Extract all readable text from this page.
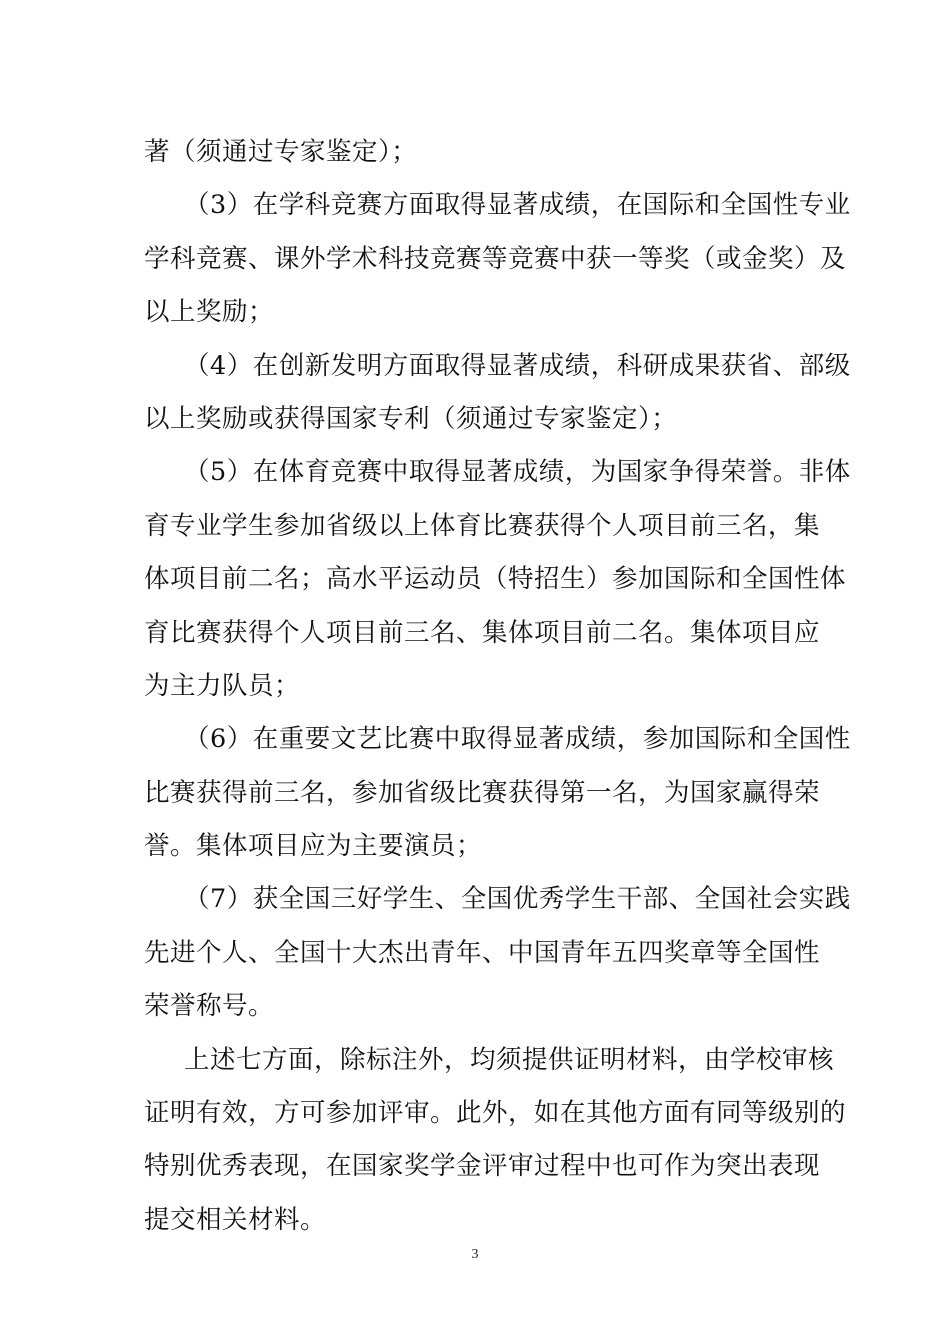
著（须通过专家鉴定）；
（3）在学科竞赛方面取得显著成绩，在国际和全国性专业
学科竞赛、课外学术科技竞赛等竞赛中获一等奖（或金奖）及
以上奖励；
（4）在创新发明方面取得显著成绩，科研成果获省、部级
以上奖励或获得国家专利（须通过专家鉴定）；
（5）在体育竞赛中取得显著成绩，为国家争得荣誉。非体
育专业学生参加省级以上体育比赛获得个人项目前三名，集
体项目前二名；高水平运动员（特招生）参加国际和全国性体
育比赛获得个人项目前三名、集体项目前二名。集体项目应
为主力队员；
（6）在重要文艺比赛中取得显著成绩，参加国际和全国性
比赛获得前三名，参加省级比赛获得第一名，为国家赢得荣
誉。集体项目应为主要演员；
（7）获全国三好学生、全国优秀学生干部、全国社会实践
先进个人、全国十大杰出青年、中国青年五四奖章等全国性
荣誉称号。
上述七方面，除标注外，均须提供证明材料，由学校审核
证明有效，方可参加评审。此外，如在其他方面有同等级别的
特别优秀表现，在国家奖学金评审过程中也可作为突出表现
提交相关材料。
3
